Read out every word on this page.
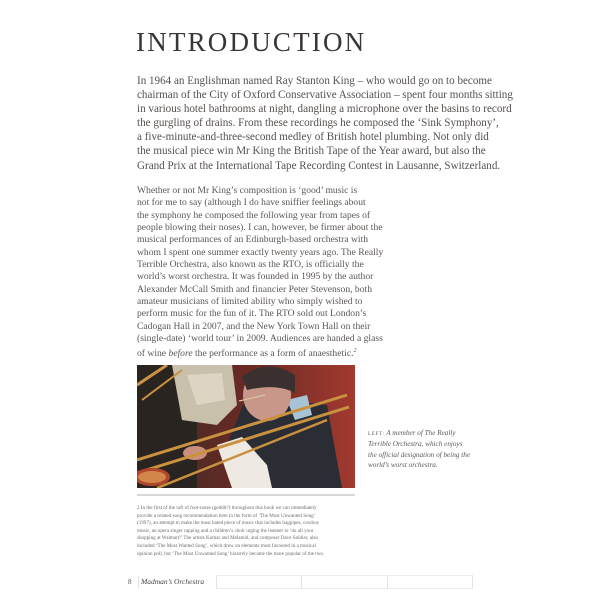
INTRODUCTION

In 1964 an Englishman named Ray Stanton King – who would go on to become
chairman of the City of Oxford Conservative Association – spent four months sitting
in various hotel bathrooms at night, dangling a microphone over the basins to record
the gurgling of drains. From these recordings he composed the ‘Sink Symphony’,
a five-minute-and-three-second medley of British hotel plumbing. Not only did
the musical piece win Mr King the British Tape of the Year award, but also the
Grand Prix at the International Tape Recording Contest in Lausanne, Switzerland.

Whether or not Mr King’s composition is ‘good’ music is
not for me to say (although I do have sniffier feelings about
the symphony he composed the following year from tapes of
people blowing their noses). I can, however, be firmer about the
musical performances of an Edinburgh-based orchestra with
whom I spent one summer exactly twenty years ago. The Really
Terrible Orchestra, also known as the RTO, is officially the
world’s worst orchestra. It was founded in 1995 by the author
Alexander McCall Smith and financier Peter Stevenson, both
amateur musicians of limited ability who simply wished to
perform music for the fun of it. The RTO sold out London’s
Cadogan Hall in 2007, and the New York Town Hall on their
(single-date) ‘world tour’ in 2009. Audiences are handed a glass
of wine before the performance as a form of anaesthetic.$^2$

LEFT: A member of The Really
Terrible Orchestra, which enjoys
the official designation of being the
world’s worst orchestra.

2 In the first of the raft of foot-notes (geddit?) throughout this book we can immediately
provide a related song recommendation here in the form of ‘The Most Unwanted Song’
(1997), an attempt to make the most hated piece of music that includes bagpipes, cowboy
music, an opera singer rapping and a children’s choir urging the listener to ‘do all your
shopping at Walmart!’ The artists Komar and Melamid, and composer Dave Soldier, also
included ‘The Most Wanted Song’, which drew on elements most favoured in a musical
opinion poll, but ‘The Most Unwanted Song’ bizarrely became the more popular of the two.

8	Madman’s Orchestra
